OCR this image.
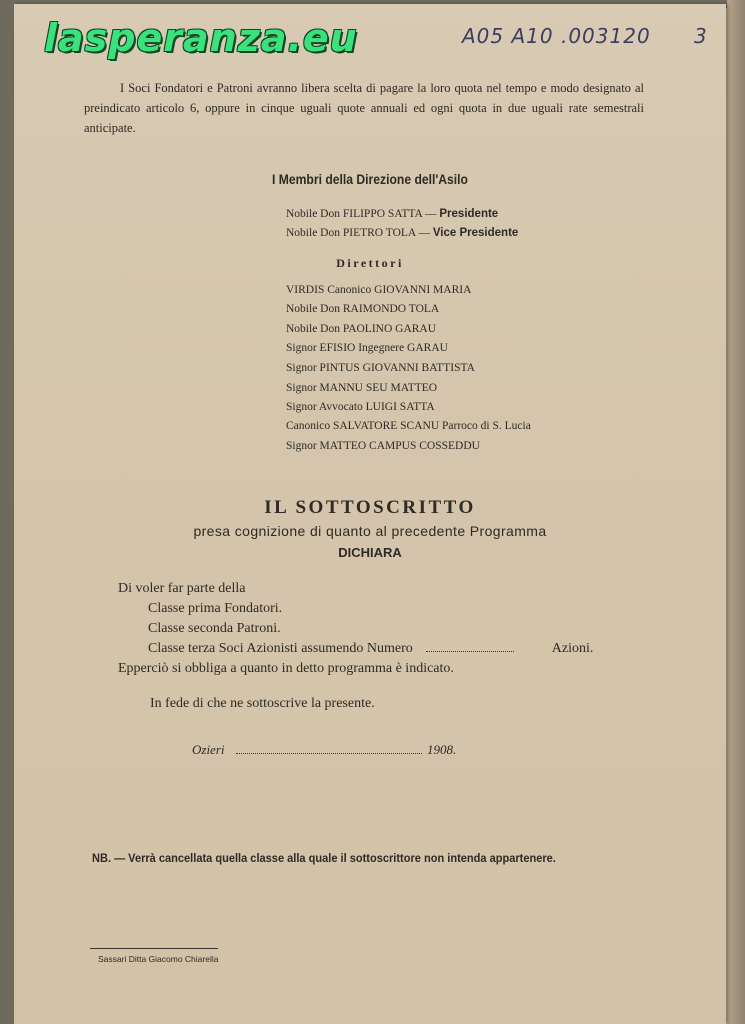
lasperanza.eu	A05 A10 .003120 3

I Soci Fondatori e Patroni avranno libera scelta di pagare la loro quota nel tempo e modo designato al preindicato articolo 6, oppure in cinque uguali quote annuali ed ogni quota in due uguali rate semestrali anticipate.

I Membri della Direzione dell'Asilo
Nobile Don FILIPPO SATTA — Presidente
Nobile Don PIETRO TOLA — Vice Presidente
Direttori
VIRDIS Canonico GIOVANNI MARIA
Nobile Don RAIMONDO TOLA
Nobile Don PAOLINO GARAU
Signor EFISIO Ingegnere GARAU
Signor PINTUS GIOVANNI BATTISTA
Signor MANNU SEU MATTEO
Signor Avvocato LUIGI SATTA
Canonico SALVATORE SCANU Parroco di S. Lucia
Signor MATTEO CAMPUS COSSEDDU
IL SOTTOSCRITTO
presa cognizione di quanto al precedente Programma
DICHIARA
Di voler far parte della
Classe prima Fondatori.
Classe seconda Patroni.
Classe terza Soci Azionisti assumendo Numero	Azioni.
Epperciò si obbliga a quanto in detto programma è indicato.
In fede di che ne sottoscrive la presente.
Ozieri	1908.
NB. — Verrà cancellata quella classe alla quale il sottoscrittore non intenda appartenere.
Sassari Ditta Giacomo Chiarella
